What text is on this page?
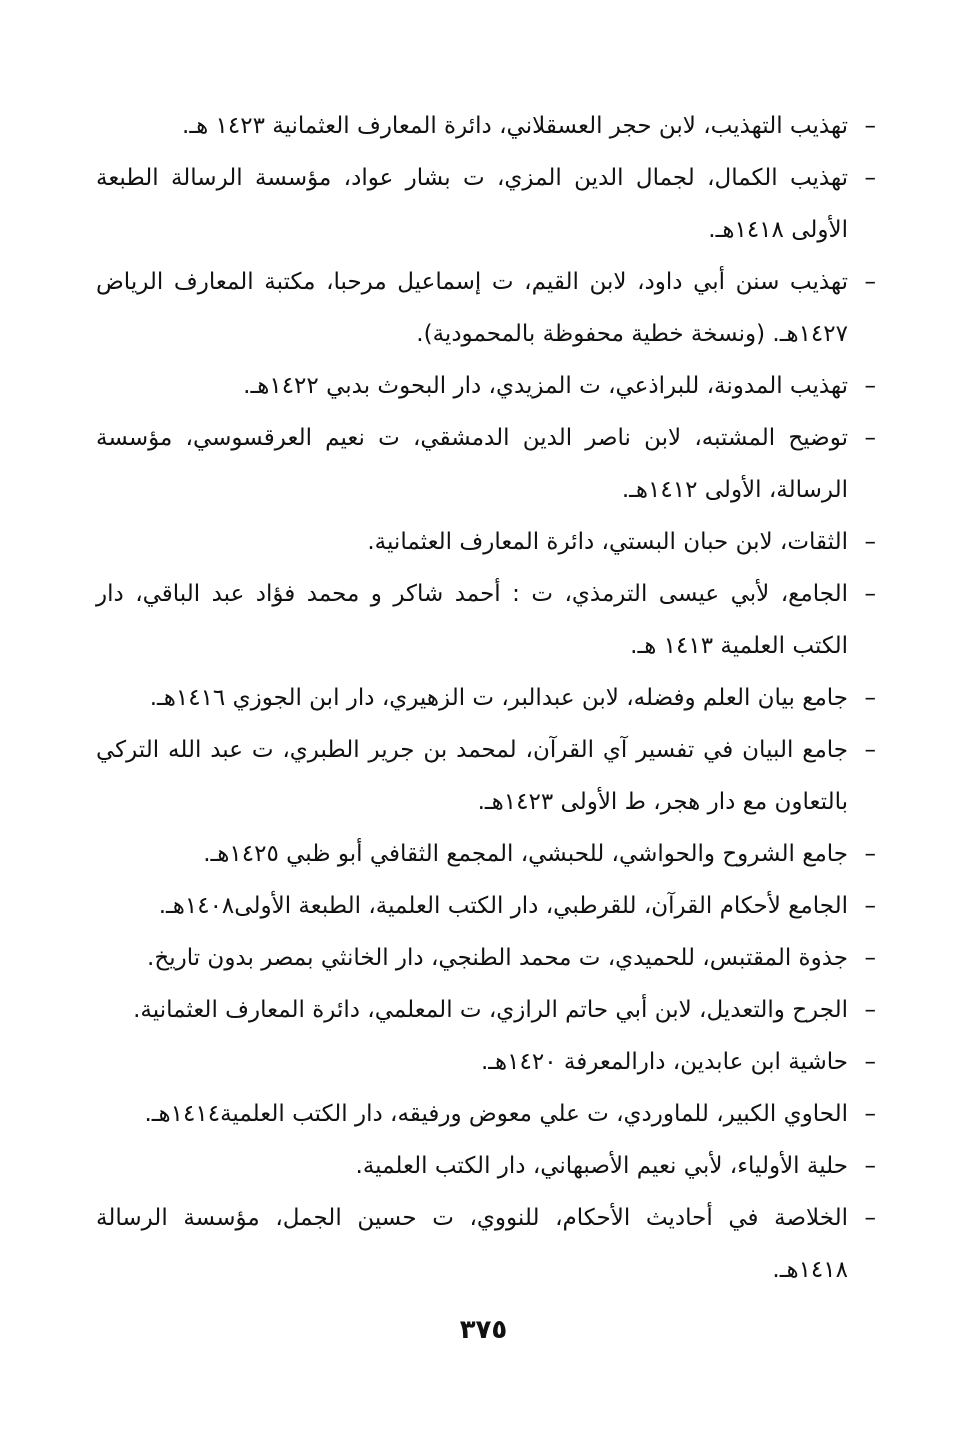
–
تهذيب التهذيب، لابن حجر العسقلاني، دائرة المعارف العثمانية ١٤٢٣ هـ.
–
تهذيب الكمال، لجمال الدين المزي، ت بشار عواد، مؤسسة الرسالة الطبعة الأولى ١٤١٨هـ.
–
تهذيب سنن أبي داود، لابن القيم، ت إسماعيل مرحبا، مكتبة المعارف الرياض ١٤٢٧هـ. (ونسخة خطية محفوظة بالمحمودية).
–
تهذيب المدونة، للبراذعي، ت المزيدي، دار البحوث بدبي ١٤٢٢هـ.
–
توضيح المشتبه، لابن ناصر الدين الدمشقي، ت نعيم العرقسوسي، مؤسسة الرسالة، الأولى ١٤١٢هـ.
–
الثقات، لابن حبان البستي، دائرة المعارف العثمانية.
–
الجامع، لأبي عيسى الترمذي، ت : أحمد شاكر و محمد فؤاد عبد الباقي، دار الكتب العلمية ١٤١٣ هـ.
–
جامع بيان العلم وفضله، لابن عبدالبر، ت الزهيري، دار ابن الجوزي ١٤١٦هـ.
–
جامع البيان في تفسير آي القرآن، لمحمد بن جرير الطبري، ت عبد الله التركي بالتعاون مع دار هجر، ط الأولى ١٤٢٣هـ.
–
جامع الشروح والحواشي، للحبشي، المجمع الثقافي أبو ظبي ١٤٢٥هـ.
–
الجامع لأحكام القرآن، للقرطبي، دار الكتب العلمية، الطبعة الأولى١٤٠٨هـ.
–
جذوة المقتبس، للحميدي، ت محمد الطنجي، دار الخانثي بمصر بدون تاريخ.
–
الجرح والتعديل، لابن أبي حاتم الرازي، ت المعلمي، دائرة المعارف العثمانية.
–
حاشية ابن عابدين، دارالمعرفة ١٤٢٠هـ.
–
الحاوي الكبير، للماوردي، ت علي معوض ورفيقه، دار الكتب العلمية١٤١٤هـ.
–
حلية الأولياء، لأبي نعيم الأصبهاني، دار الكتب العلمية.
–
الخلاصة في أحاديث الأحكام، للنووي، ت حسين الجمل، مؤسسة الرسالة ١٤١٨هـ.
٣٧٥
